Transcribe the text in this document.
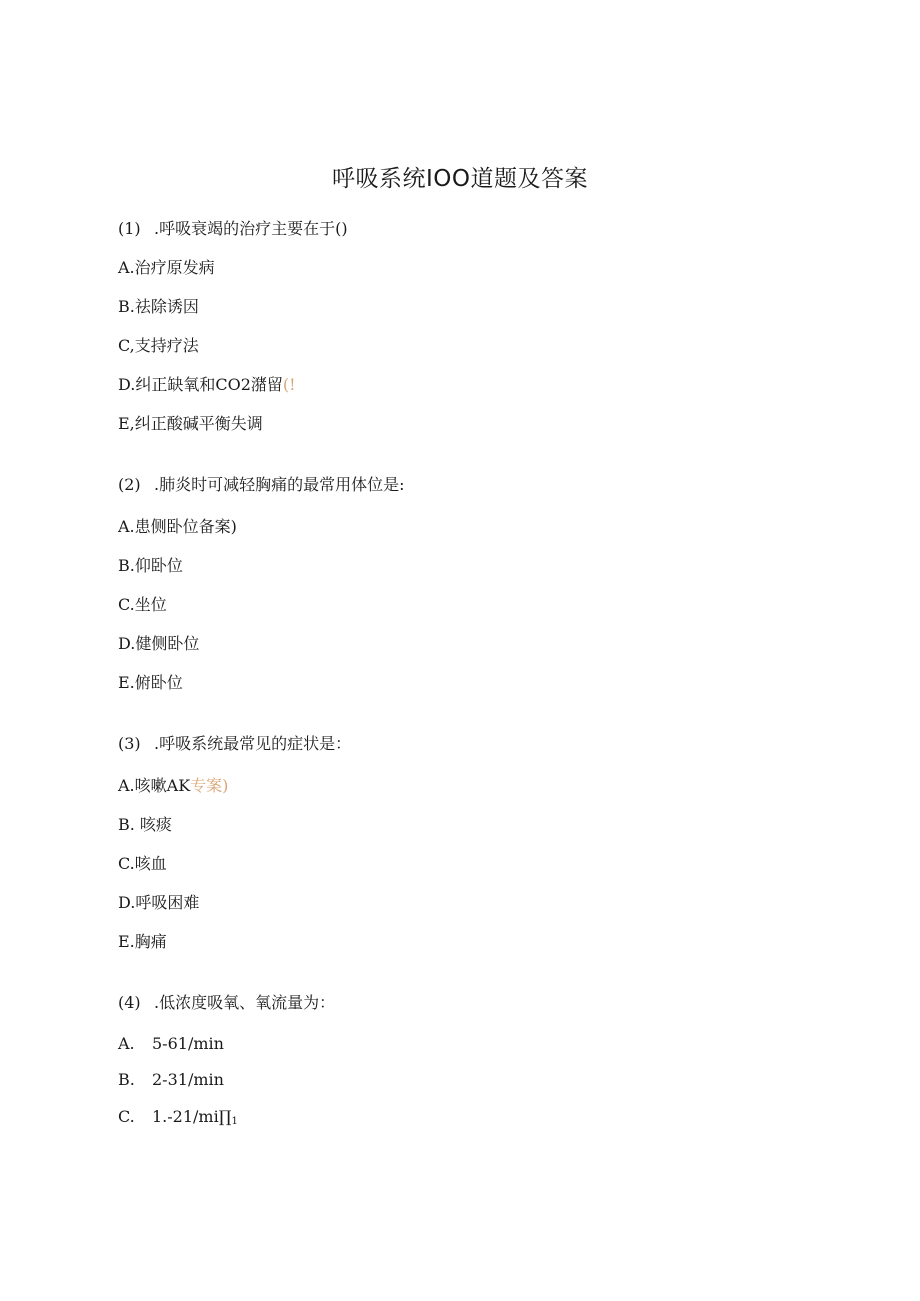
呼吸系统IOO道题及答案
(1) .呼吸衰竭的治疗主要在于()
A.治疗原发病
B.祛除诱因
C,支持疗法
D.纠正缺氧和CO2潴留(!
E,纠正酸碱平衡失调
(2) .肺炎时可减轻胸痛的最常用体位是:
A.患侧卧位备案)
B.仰卧位
C.坐位
D.健侧卧位
E.俯卧位
(3) .呼吸系统最常见的症状是：
A.咳嗽AK专案)
B. 咳痰
C.咳血
D.呼吸困难
E.胸痛
(4) .低浓度吸氧、氧流量为：
A. 5-61∕min
B. 2-31∕min
C. 1.-21∕mi∏1
